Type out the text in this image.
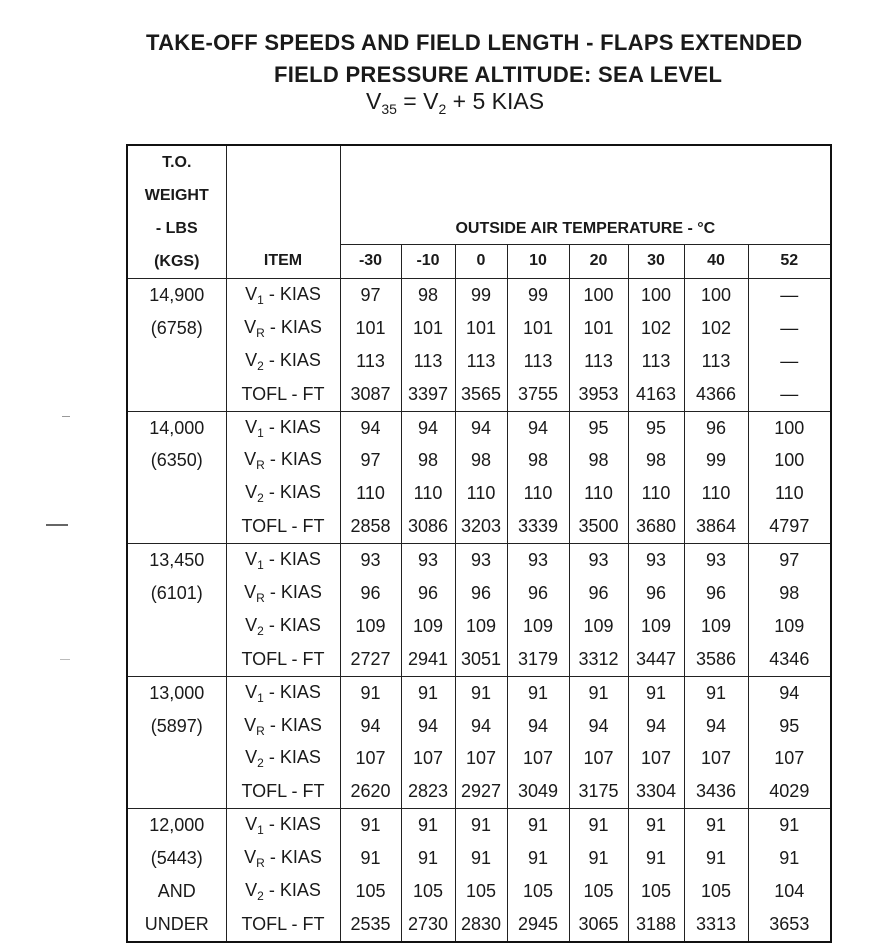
TAKE-OFF SPEEDS AND FIELD LENGTH - FLAPS EXTENDED
FIELD PRESSURE ALTITUDE: SEA LEVEL
$V_{35} = V_2 + 5$ KIAS
T.O.
WEIGHT
- LBS
(KGS)		OUTSIDE AIR TEMPERATURE - °C							
	ITEM	-30	-10	0	10	20	30	40	52
14,900	$V_1$ - KIAS	97	98	99	99	100	100	100	—
(6758)	$V_R$ - KIAS	101	101	101	101	101	102	102	—
	$V_2$ - KIAS	113	113	113	113	113	113	113	—
	TOFL - FT	3087	3397	3565	3755	3953	4163	4366	—
14,000	$V_1$ - KIAS	94	94	94	94	95	95	96	100
(6350)	$V_R$ - KIAS	97	98	98	98	98	98	99	100
	$V_2$ - KIAS	110	110	110	110	110	110	110	110
	TOFL - FT	2858	3086	3203	3339	3500	3680	3864	4797
13,450	$V_1$ - KIAS	93	93	93	93	93	93	93	97
(6101)	$V_R$ - KIAS	96	96	96	96	96	96	96	98
	$V_2$ - KIAS	109	109	109	109	109	109	109	109
	TOFL - FT	2727	2941	3051	3179	3312	3447	3586	4346
13,000	$V_1$ - KIAS	91	91	91	91	91	91	91	94
(5897)	$V_R$ - KIAS	94	94	94	94	94	94	94	95
	$V_2$ - KIAS	107	107	107	107	107	107	107	107
	TOFL - FT	2620	2823	2927	3049	3175	3304	3436	4029
12,000	$V_1$ - KIAS	91	91	91	91	91	91	91	91
(5443)	$V_R$ - KIAS	91	91	91	91	91	91	91	91
AND	$V_2$ - KIAS	105	105	105	105	105	105	105	104
UNDER	TOFL - FT	2535	2730	2830	2945	3065	3188	3313	3653
